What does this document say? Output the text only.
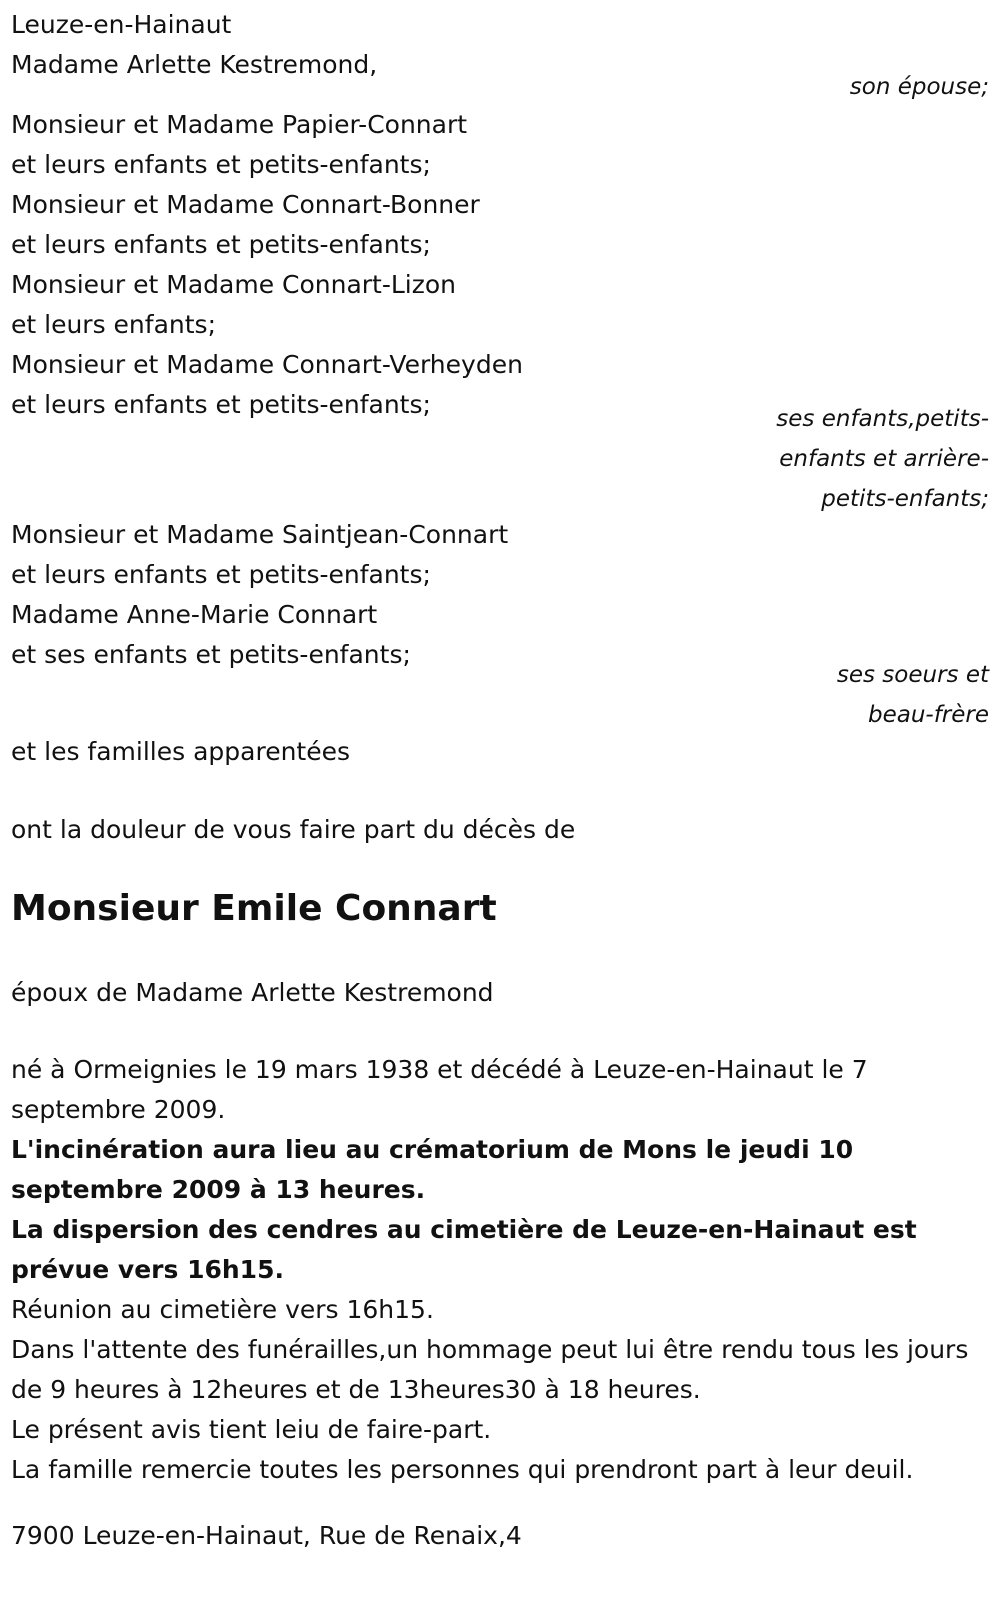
Leuze-en-Hainaut
Madame Arlette Kestremond,
son épouse;
Monsieur et Madame Papier-Connart
et leurs enfants et petits-enfants;
Monsieur et Madame Connart-Bonner
et leurs enfants et petits-enfants;
Monsieur et Madame Connart-Lizon
et leurs enfants;
Monsieur et Madame Connart-Verheyden
et leurs enfants et petits-enfants;	ses enfants,petits-
enfants et arrière-
petits-enfants;
Monsieur et Madame Saintjean-Connart
et leurs enfants et petits-enfants;
Madame Anne-Marie Connart
et ses enfants et petits-enfants;
ses soeurs et
beau-frère
et les familles apparentées
ont la douleur de vous faire part du décès de
Monsieur Emile Connart
époux de Madame Arlette Kestremond
né à Ormeignies le 19 mars 1938 et décédé à Leuze-en-Hainaut le 7 septembre 2009.
L'incinération aura lieu au crématorium de Mons le jeudi 10 septembre 2009 à 13 heures.
La dispersion des cendres au cimetière de Leuze-en-Hainaut est prévue vers 16h15.
Réunion au cimetière vers 16h15.
Dans l'attente des funérailles,un hommage peut lui être rendu tous les jours de 9 heures à 12heures et de 13heures30 à 18 heures.
Le présent avis tient leiu de faire-part.
La famille remercie toutes les personnes qui prendront part à leur deuil.
7900 Leuze-en-Hainaut, Rue de Renaix,4
